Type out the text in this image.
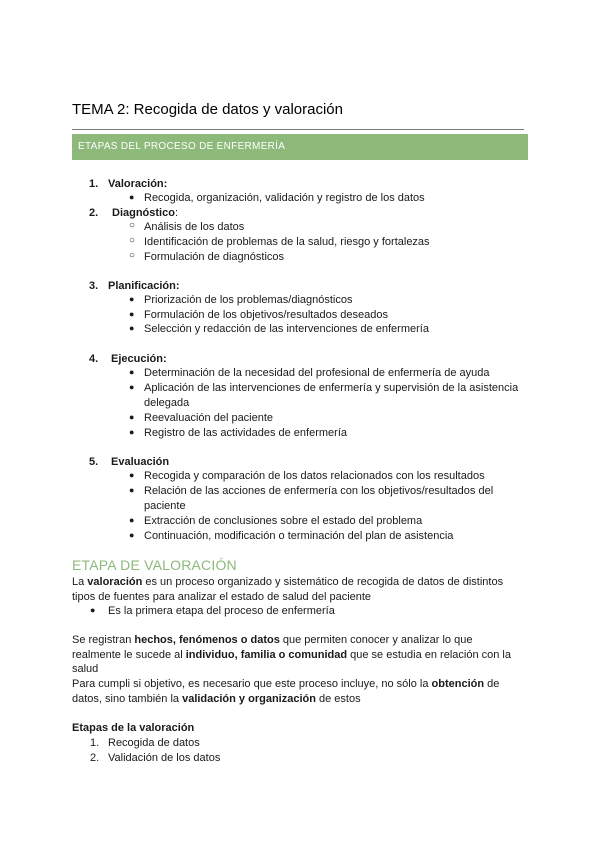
TEMA 2: Recogida de datos y valoración
ETAPAS DEL PROCESO DE ENFERMERÍA
1. Valoración:
● Recogida, organización, validación y registro de los datos
2. Diagnóstico:
○ Análisis de los datos
○ Identificación de problemas de la salud, riesgo y fortalezas
○ Formulación de diagnósticos
3. Planificación:
● Priorización de los problemas/diagnósticos
● Formulación de los objetivos/resultados deseados
● Selección y redacción de las intervenciones de enfermería
4. Ejecución:
● Determinación de la necesidad del profesional de enfermería de ayuda
● Aplicación de las intervenciones de enfermería y supervisión de la asistencia
delegada
● Reevaluación del paciente
● Registro de las actividades de enfermería
5. Evaluación
● Recogida y comparación de los datos relacionados con los resultados
● Relación de las acciones de enfermería con los objetivos/resultados del
paciente
● Extracción de conclusiones sobre el estado del problema
● Continuación, modificación o terminación del plan de asistencia
ETAPA DE VALORACIÓN
La valoración es un proceso organizado y sistemático de recogida de datos de distintos
tipos de fuentes para analizar el estado de salud del paciente
● Es la primera etapa del proceso de enfermería
Se registran hechos, fenómenos o datos que permiten conocer y analizar lo que
realmente le sucede al individuo, familia o comunidad que se estudia en relación con la
salud
Para cumpli si objetivo, es necesario que este proceso incluye, no sólo la obtención de
datos, sino también la validación y organización de estos
Etapas de la valoración
1. Recogida de datos
2. Validación de los datos
